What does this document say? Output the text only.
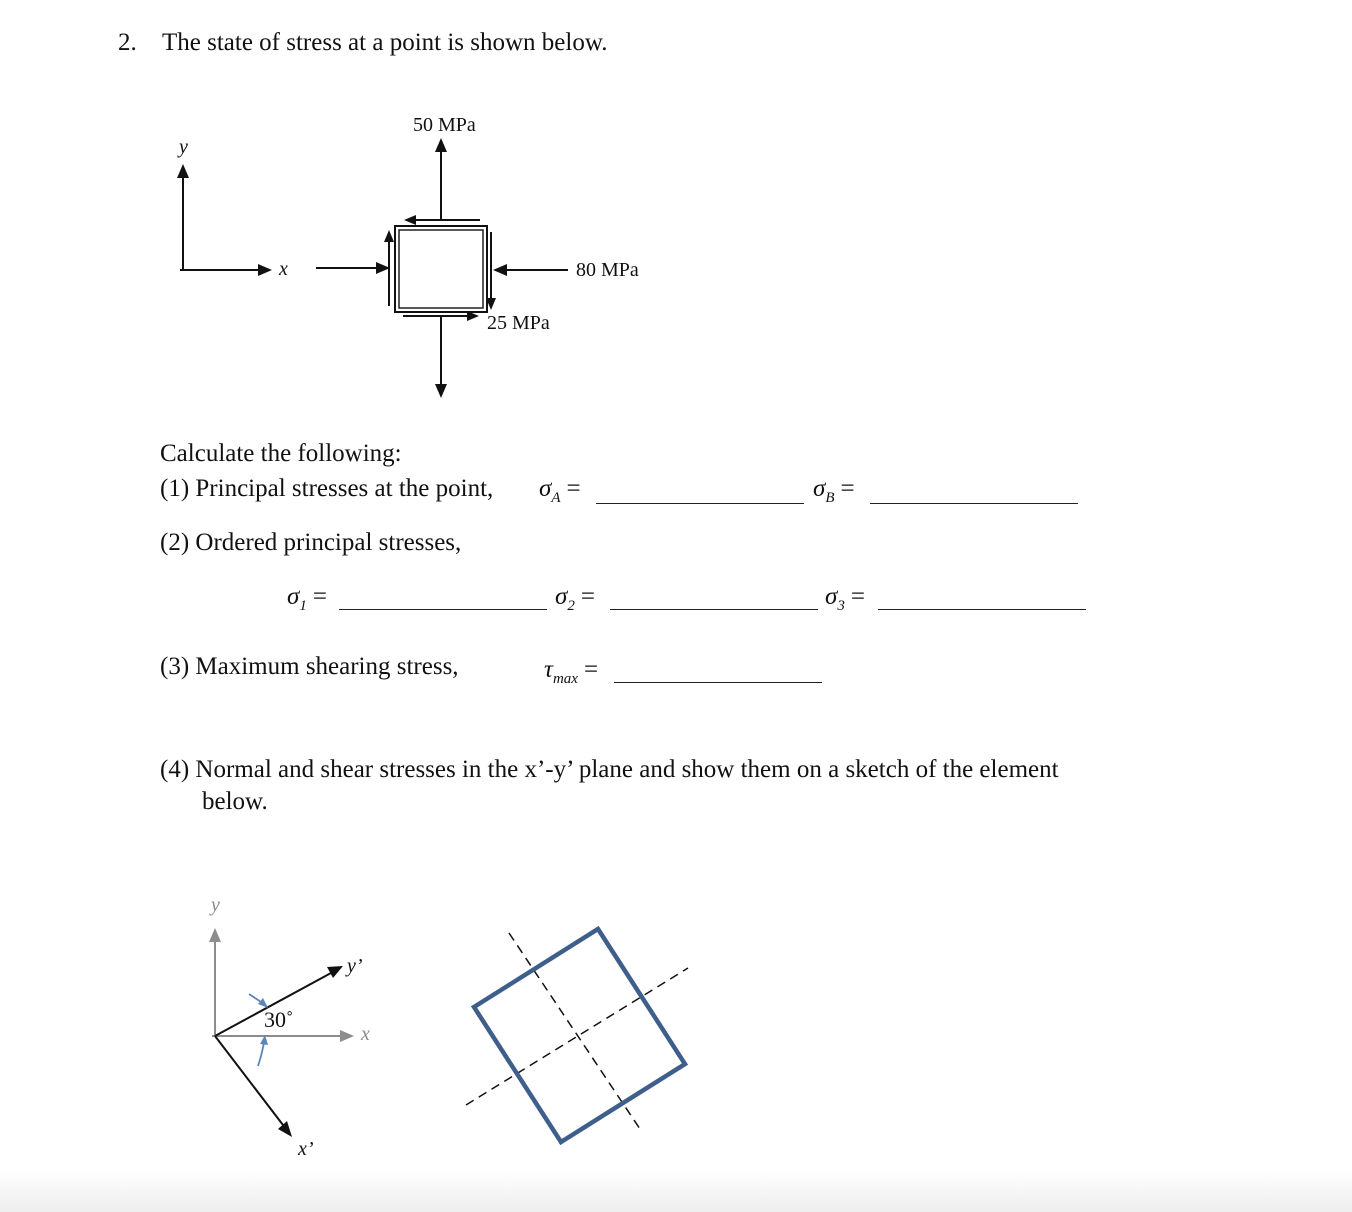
2. The state of stress at a point is shown below.
y
x
50 MPa
80 MPa
25 MPa
Calculate the following:
(1) Principal stresses at the point, $\sigma_A$ =	$\sigma_B$ =
(2) Ordered principal stresses,
$\sigma_1$ =	$\sigma_2$ =	$\sigma_3$ =
(3) Maximum shearing stress,	$\tau_{max}$ =
(4) Normal and shear stresses in the x’-y’ plane and show them on a sketch of the element
below.
y
x
y’
x’
30˚
